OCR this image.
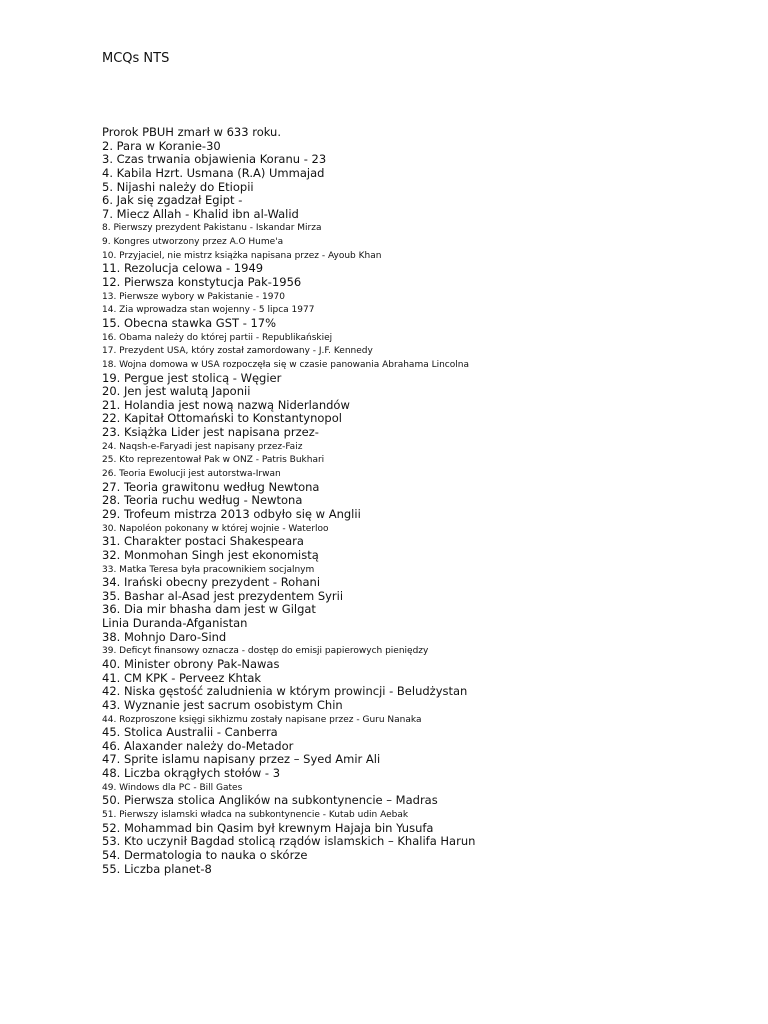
MCQs NTS
Prorok PBUH zmarł w 633 roku.
2. Para w Koranie-30
3. Czas trwania objawienia Koranu - 23
4. Kabila Hzrt. Usmana (R.A) Ummajad
5. Nijashi należy do Etiopii
6. Jak się zgadzał Egipt -
7. Miecz Allah - Khalid ibn al-Walid
8. Pierwszy prezydent Pakistanu - Iskandar Mirza
9. Kongres utworzony przez A.O Hume'a
10. Przyjaciel, nie mistrz książka napisana przez - Ayoub Khan
11. Rezolucja celowa - 1949
12. Pierwsza konstytucja Pak-1956
13. Pierwsze wybory w Pakistanie - 1970
14. Zia wprowadza stan wojenny - 5 lipca 1977
15. Obecna stawka GST - 17%
16. Obama należy do której partii - Republikańskiej
17. Prezydent USA, który został zamordowany - J.F. Kennedy
18. Wojna domowa w USA rozpoczęła się w czasie panowania Abrahama Lincolna
19. Pergue jest stolicą - Węgier
20. Jen jest walutą Japonii
21. Holandia jest nową nazwą Niderlandów
22. Kapitał Ottomański to Konstantynopol
23. Książka Lider jest napisana przez-
24. Naqsh-e-Faryadi jest napisany przez-Faiz
25. Kto reprezentował Pak w ONZ - Patris Bukhari
26. Teoria Ewolucji jest autorstwa-Irwan
27. Teoria grawitonu według Newtona
28. Teoria ruchu według - Newtona
29. Trofeum mistrza 2013 odbyło się w Anglii
30. Napoléon pokonany w której wojnie - Waterloo
31. Charakter postaci Shakespeara
32. Monmohan Singh jest ekonomistą
33. Matka Teresa była pracownikiem socjalnym
34. Irański obecny prezydent - Rohani
35. Bashar al-Asad jest prezydentem Syrii
36. Dia mir bhasha dam jest w Gilgat
Linia Duranda-Afganistan
38. Mohnjo Daro-Sind
39. Deficyt finansowy oznacza - dostęp do emisji papierowych pieniędzy
40. Minister obrony Pak-Nawas
41. CM KPK - Perveez Khtak
42. Niska gęstość zaludnienia w którym prowincji - Beludżystan
43. Wyznanie jest sacrum osobistym Chin
44. Rozproszone księgi sikhizmu zostały napisane przez - Guru Nanaka
45. Stolica Australii - Canberra
46. Alaxander należy do-Metador
47. Sprite islamu napisany przez – Syed Amir Ali
48. Liczba okrągłych stołów - 3
49. Windows dla PC - Bill Gates
50. Pierwsza stolica Anglików na subkontynencie – Madras
51. Pierwszy islamski władca na subkontynencie - Kutab udin Aebak
52. Mohammad bin Qasim był krewnym Hajaja bin Yusufa
53. Kto uczynił Bagdad stolicą rządów islamskich – Khalifa Harun
54. Dermatologia to nauka o skórze
55. Liczba planet-8
